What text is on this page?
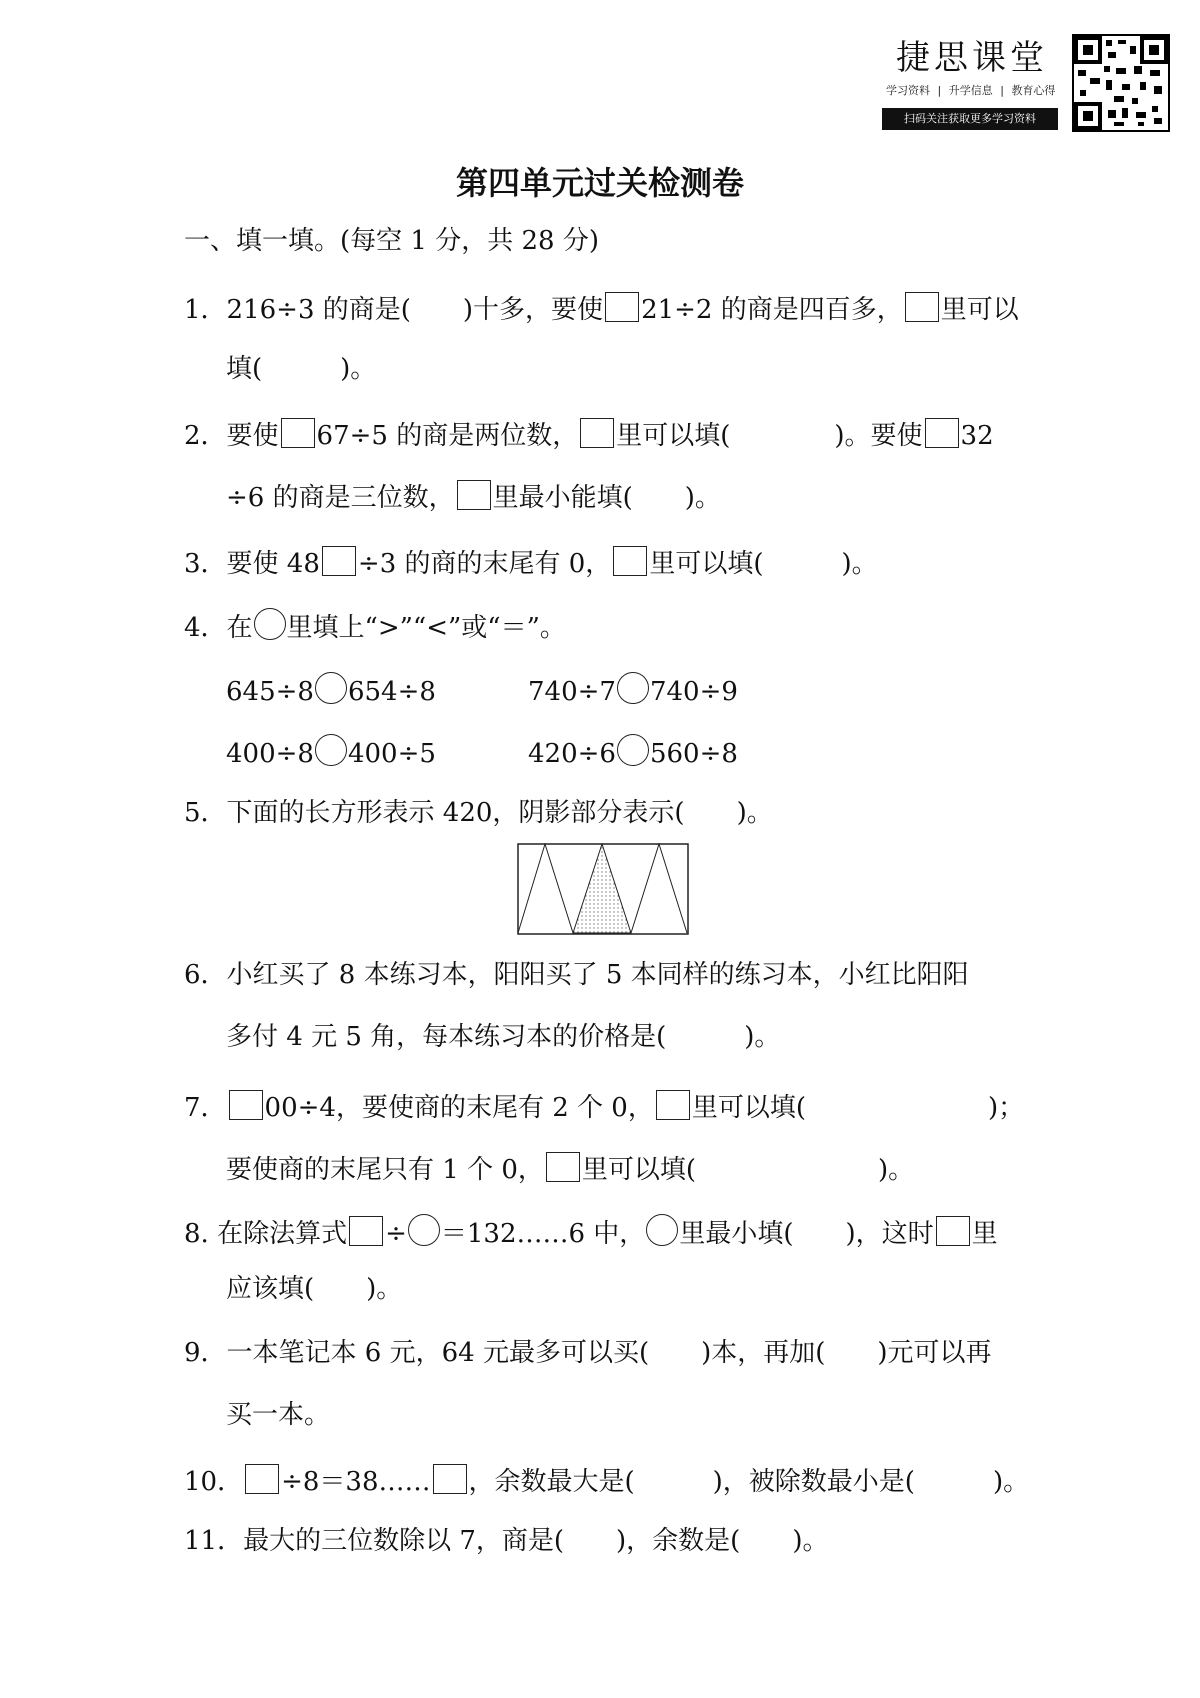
捷思课堂
学习资料 | 升学信息 | 教育心得
扫码关注获取更多学习资料
第四单元过关检测卷
一、填一填。(每空 1 分，共 28 分)
1．216÷3 的商是(　　)十多，要使 21÷2 的商是四百多， 里可以
填(　　　)。
2．要使 67÷5 的商是两位数， 里可以填(　　　　)。要使 32
÷6 的商是三位数， 里最小能填(　　)。
3．要使 48 ÷3 的商的末尾有 0， 里可以填(　　　)。
4．在 里填上“>”“<”或“＝”。
645÷8 654÷8	740÷7 740÷9
400÷8 400÷5	420÷6 560÷8
5．下面的长方形表示 420，阴影部分表示(　　)。
6．小红买了 8 本练习本，阳阳买了 5 本同样的练习本，小红比阳阳
多付 4 元 5 角，每本练习本的价格是(　　　)。
7． 00÷4，要使商的末尾有 2 个 0， 里可以填(　　　　　　　)；
要使商的末尾只有 1 个 0， 里可以填(　　　　　　　)。
8. 在除法算式 ÷ ＝132……6 中， 里最小填(　　)，这时 里
应该填(　　)。
9．一本笔记本 6 元，64 元最多可以买(　　)本，再加(　　)元可以再
买一本。
10． ÷8＝38…… ，余数最大是(　　　)，被除数最小是(　　　)。
11．最大的三位数除以 7，商是(　　)，余数是(　　)。
